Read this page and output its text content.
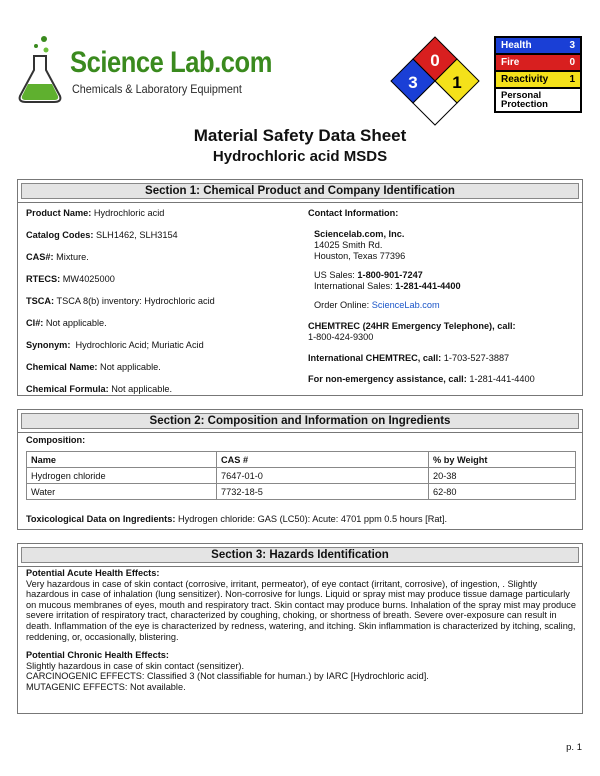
Science Lab.com
Chemicals & Laboratory Equipment
0
3 1
Health	3
Fire	0
Reactivity 1
Personal
Protection
Material Safety Data Sheet
Hydrochloric acid MSDS
Section 1: Chemical Product and Company Identification
Product Name: Hydrochloric acid
Catalog Codes: SLH1462, SLH3154
CAS#: Mixture.
RTECS: MW4025000
TSCA: TSCA 8(b) inventory: Hydrochloric acid
CI#: Not applicable.
Synonym:  Hydrochloric Acid; Muriatic Acid
Chemical Name: Not applicable.
Chemical Formula: Not applicable.
Contact Information:
Sciencelab.com, Inc.
14025 Smith Rd.
Houston, Texas 77396
US Sales: 1-800-901-7247
International Sales: 1-281-441-4400
Order Online: ScienceLab.com
CHEMTREC (24HR Emergency Telephone), call:
1-800-424-9300
International CHEMTREC, call: 1-703-527-3887
For non-emergency assistance, call: 1-281-441-4400
Section 2: Composition and Information on Ingredients
Composition:
Name	CAS #	% by Weight
Hydrogen chloride	7647-01-0	20-38
Water	7732-18-5	62-80
Toxicological Data on Ingredients: Hydrogen chloride: GAS (LC50): Acute: 4701 ppm 0.5 hours [Rat].
Section 3: Hazards Identification

Potential Acute Health Effects:
Very hazardous in case of skin contact (corrosive, irritant, permeator), of eye contact (irritant, corrosive), of ingestion, . Slightly hazardous in case of inhalation (lung sensitizer). Non-corrosive for lungs. Liquid or spray mist may produce tissue damage particularly on mucous membranes of eyes, mouth and respiratory tract. Skin contact may produce burns. Inhalation of the spray mist may produce severe irritation of respiratory tract, characterized by coughing, choking, or shortness of breath. Severe over-exposure can result in death. Inflammation of the eye is characterized by redness, watering, and itching. Skin inflammation is characterized by itching, scaling, reddening, or, occasionally, blistering.

Potential Chronic Health Effects:
Slightly hazardous in case of skin contact (sensitizer).
CARCINOGENIC EFFECTS: Classified 3 (Not classifiable for human.) by IARC [Hydrochloric acid].
MUTAGENIC EFFECTS: Not available.

p. 1
